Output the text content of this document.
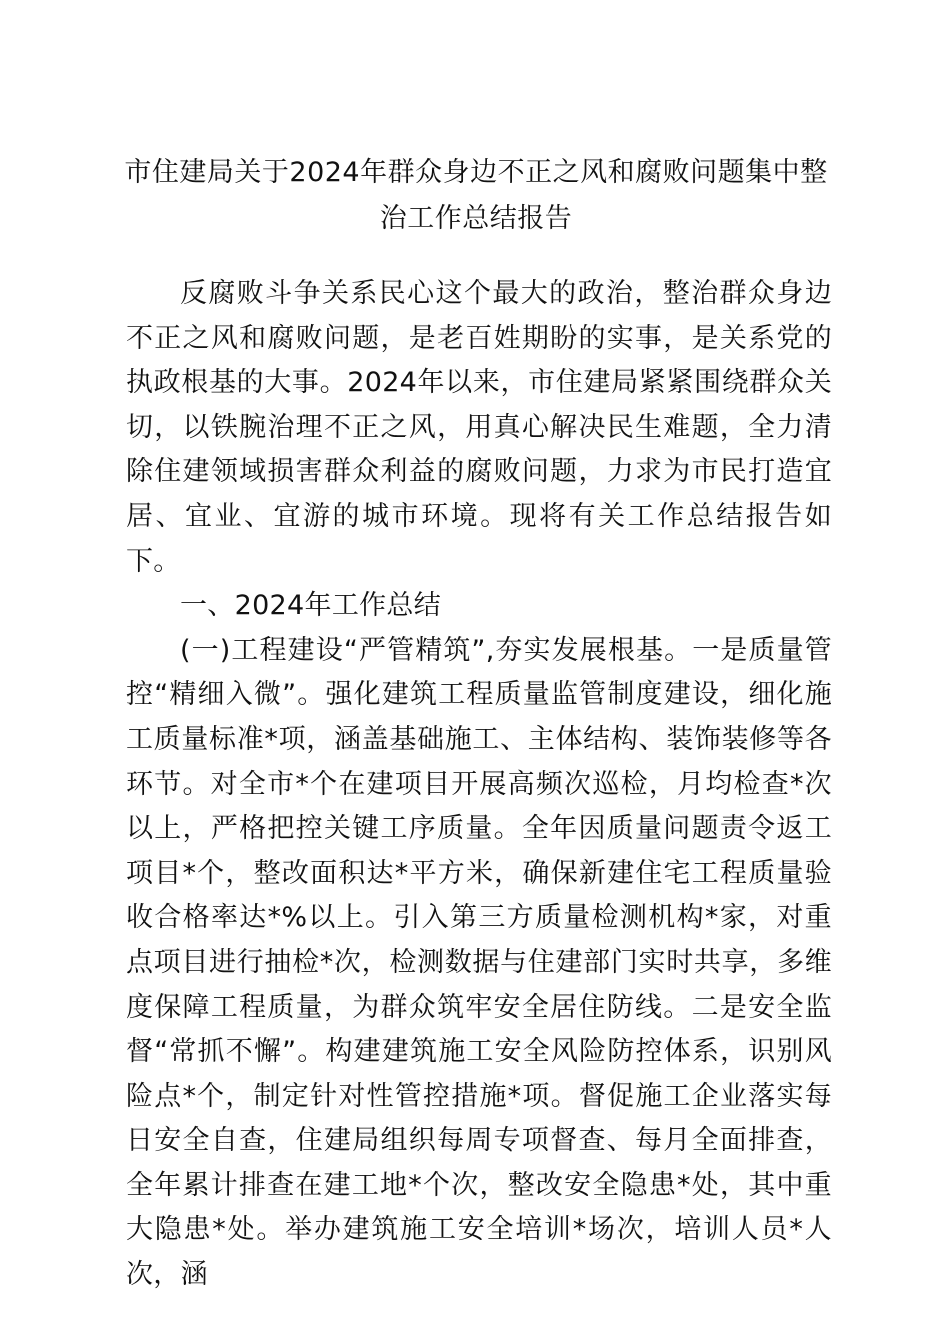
市住建局关于2024年群众身边不正之风和腐败问题集中整治工作总结报告

反腐败斗争关系民心这个最大的政治，整治群众身边不正之风和腐败问题，是老百姓期盼的实事，是关系党的执政根基的大事。2024年以来，市住建局紧紧围绕群众关切，以铁腕治理不正之风，用真心解决民生难题，全力清除住建领域损害群众利益的腐败问题，力求为市民打造宜居、宜业、宜游的城市环境。现将有关工作总结报告如下。

一、2024年工作总结

(一)工程建设“严管精筑”,夯实发展根基。一是质量管控“精细入微”。强化建筑工程质量监管制度建设，细化施工质量标准*项，涵盖基础施工、主体结构、装饰装修等各环节。对全市*个在建项目开展高频次巡检，月均检查*次以上，严格把控关键工序质量。全年因质量问题责令返工项目*个，整改面积达*平方米，确保新建住宅工程质量验收合格率达*%以上。引入第三方质量检测机构*家，对重点项目进行抽检*次，检测数据与住建部门实时共享，多维度保障工程质量，为群众筑牢安全居住防线。二是安全监督“常抓不懈”。构建建筑施工安全风险防控体系，识别风险点*个，制定针对性管控措施*项。督促施工企业落实每日安全自查，住建局组织每周专项督查、每月全面排查，全年累计排查在建工地*个次，整改安全隐患*处，其中重大隐患*处。举办建筑施工安全培训*场次，培训人员*人次，涵
